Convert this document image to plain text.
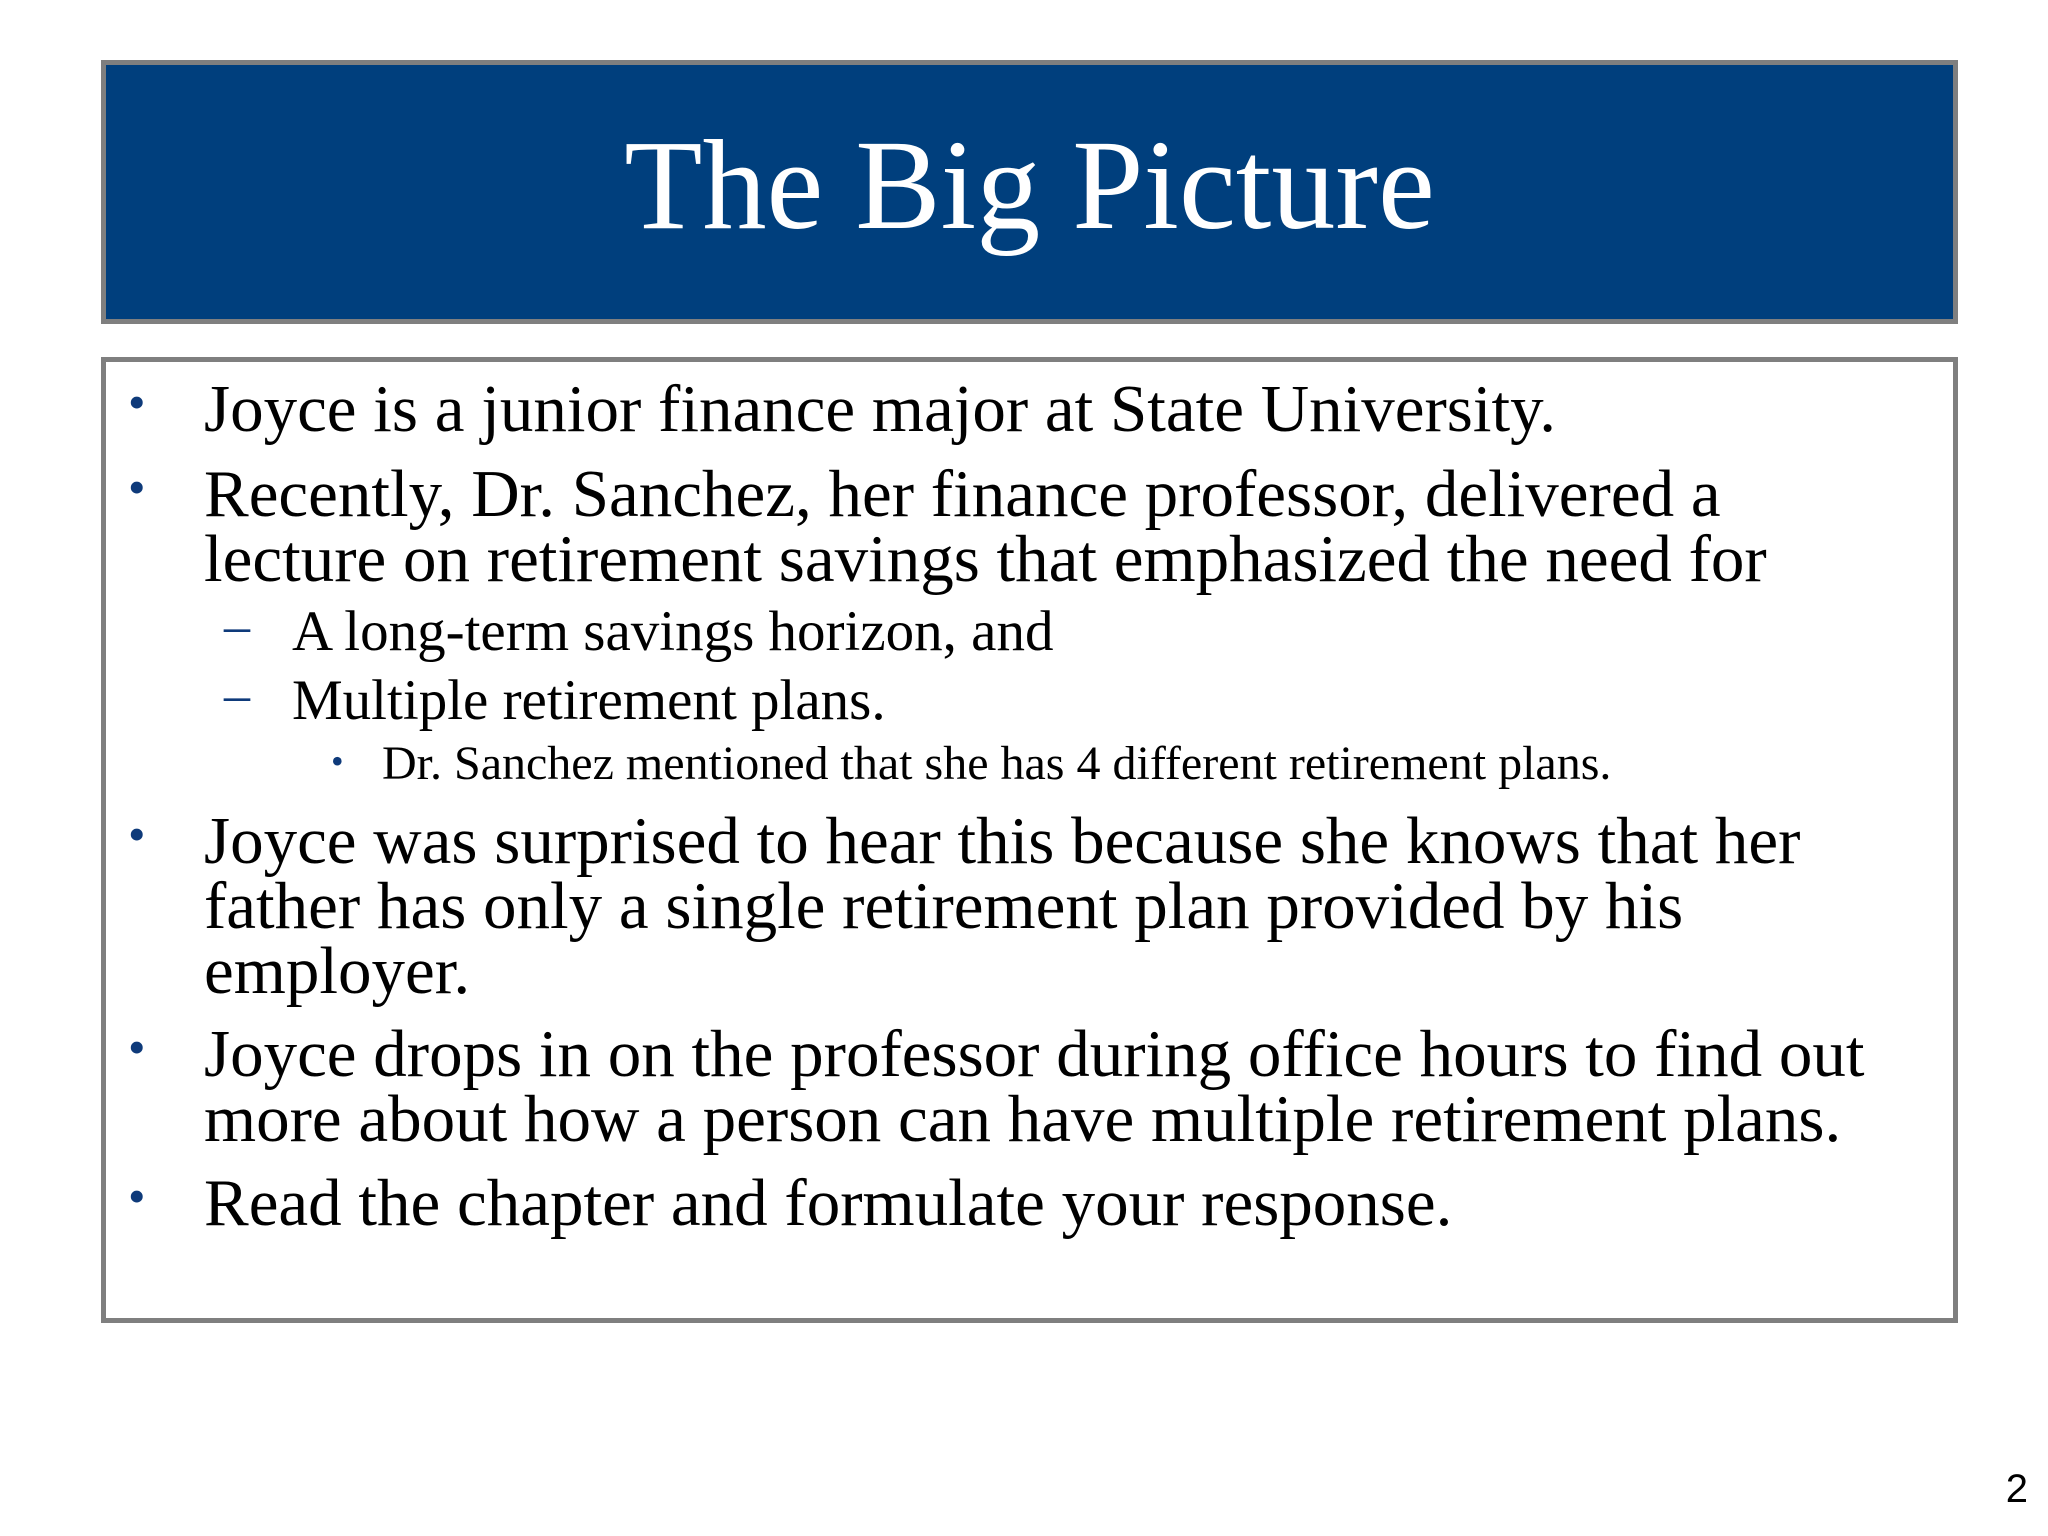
The Big Picture
• Joyce is a junior finance major at State University.
• Recently, Dr. Sanchez, her finance professor, delivered a
lecture on retirement savings that emphasized the need for
– A long-term savings horizon, and
– Multiple retirement plans.
• Dr. Sanchez mentioned that she has 4 different retirement plans.
• Joyce was surprised to hear this because she knows that her
father has only a single retirement plan provided by his
employer.
• Joyce drops in on the professor during office hours to find out
more about how a person can have multiple retirement plans.
• Read the chapter and formulate your response.
2
